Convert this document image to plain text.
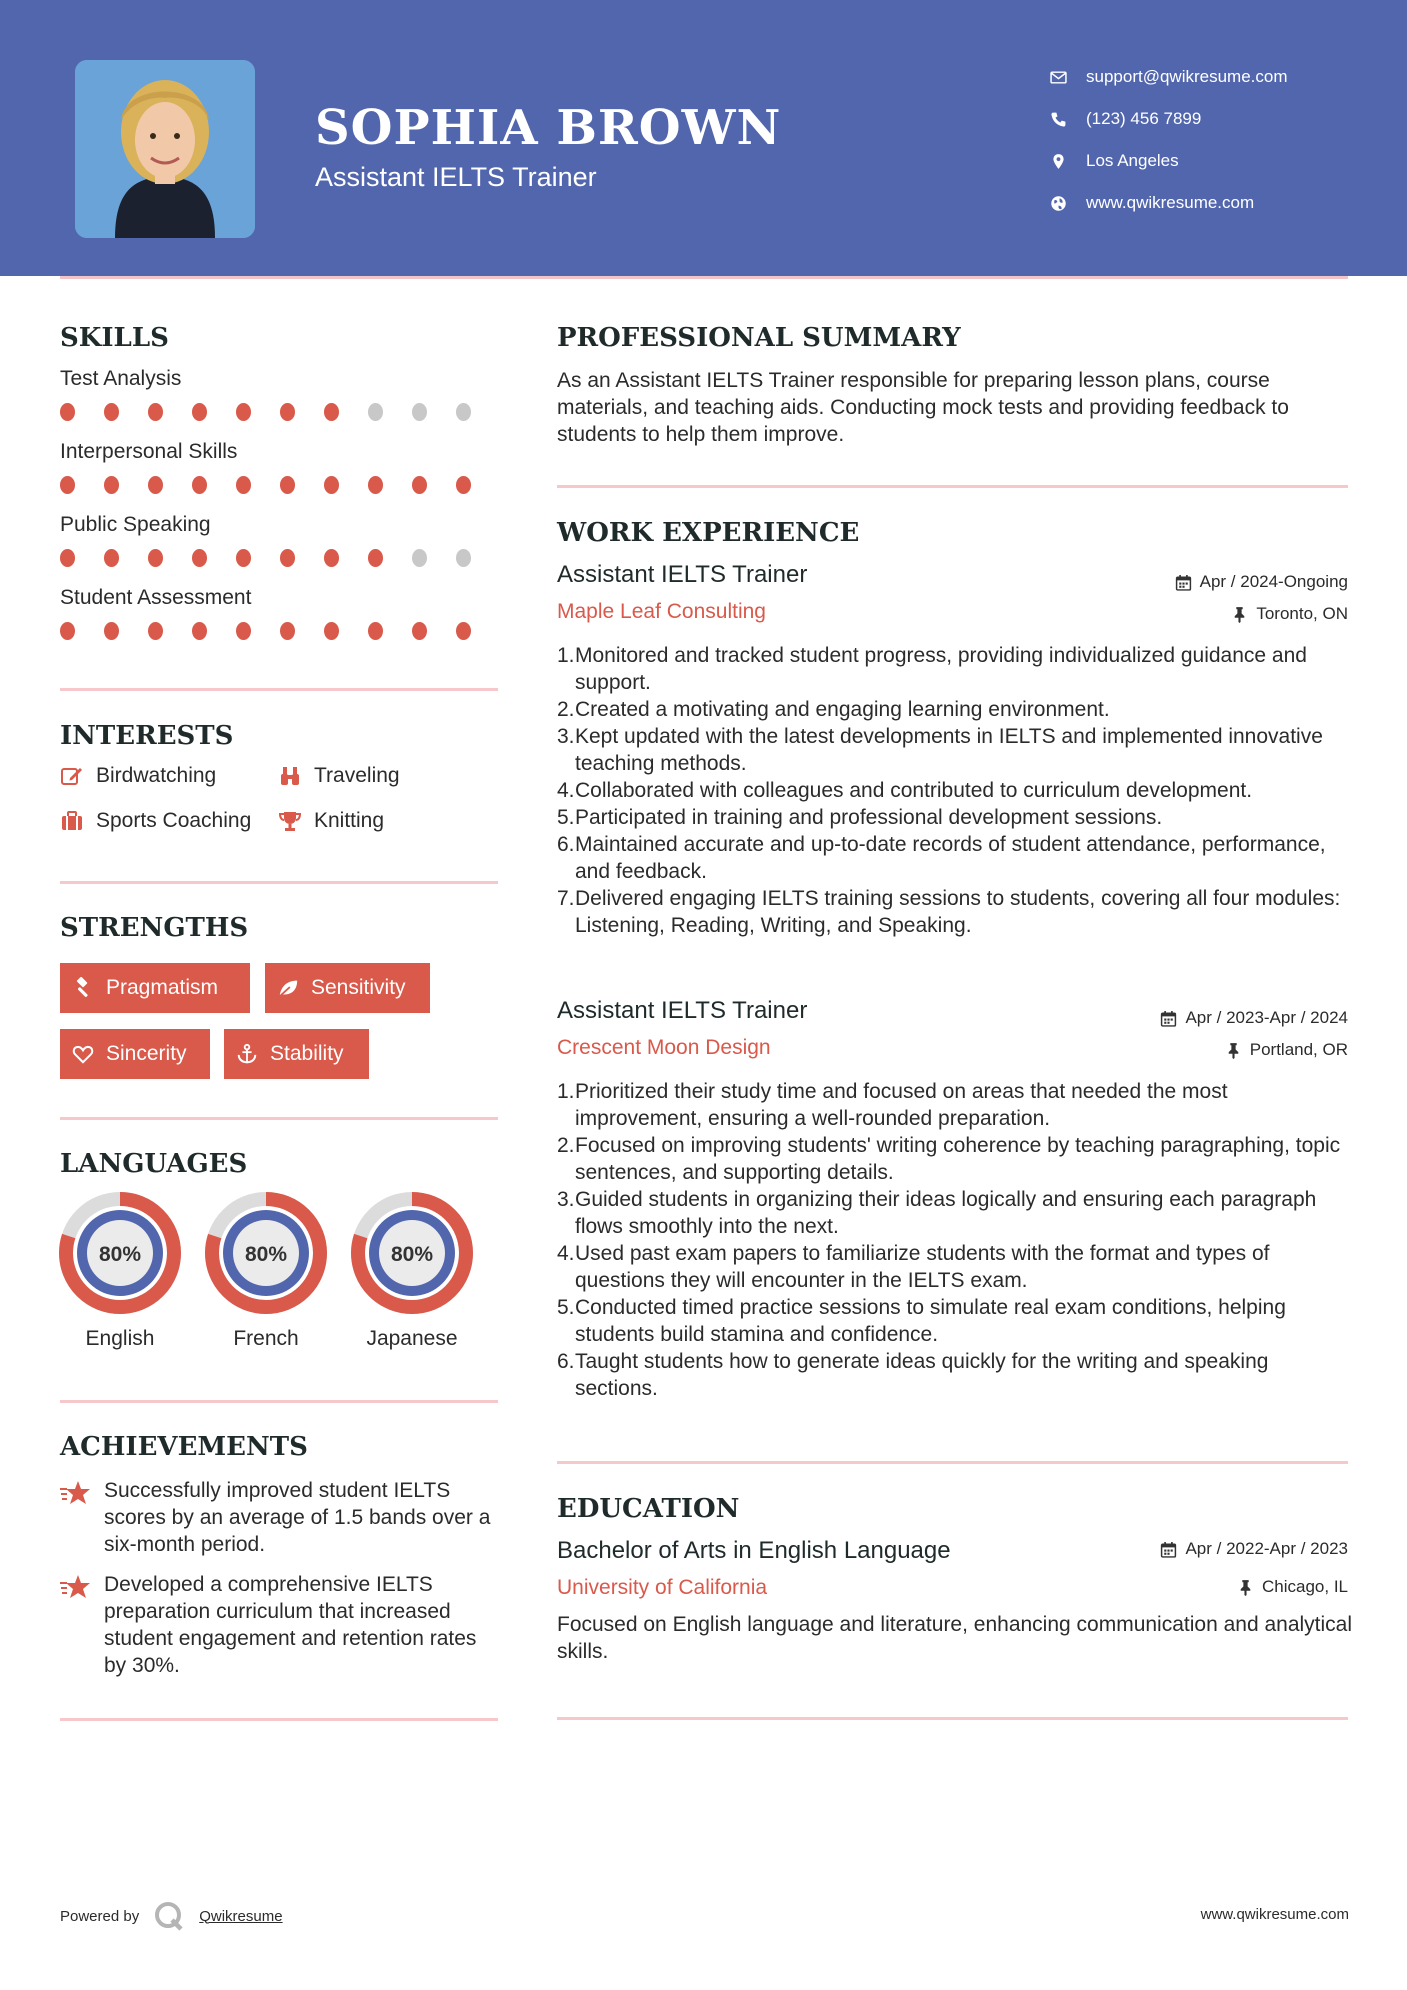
SOPHIA BROWN
Assistant IELTS Trainer
support@qwikresume.com
(123) 456 7899
Los Angeles
www.qwikresume.com
SKILLS
Test Analysis
Interpersonal Skills
Public Speaking
Student Assessment
INTERESTS
Birdwatching	Traveling
Sports Coaching	Knitting
STRENGTHS
Pragmatism	Sensitivity
Sincerity	Stability
LANGUAGES
80%
English
80%
French
80%
Japanese
ACHIEVEMENTS
Successfully improved student IELTS scores by an average of 1.5 bands over a six-month period.
Developed a comprehensive IELTS preparation curriculum that increased student engagement and retention rates by 30%.
PROFESSIONAL SUMMARY
As an Assistant IELTS Trainer responsible for preparing lesson plans, course materials, and teaching aids. Conducting mock tests and providing feedback to students to help them improve.
WORK EXPERIENCE
Assistant IELTS Trainer
Maple Leaf Consulting
Apr / 2024-Ongoing
Toronto, ON
1. Monitored and tracked student progress, providing individualized guidance and support.
2. Created a motivating and engaging learning environment.
3. Kept updated with the latest developments in IELTS and implemented innovative teaching methods.
4. Collaborated with colleagues and contributed to curriculum development.
5. Participated in training and professional development sessions.
6. Maintained accurate and up-to-date records of student attendance, performance, and feedback.
7. Delivered engaging IELTS training sessions to students, covering all four modules: Listening, Reading, Writing, and Speaking.
Assistant IELTS Trainer
Crescent Moon Design
Apr / 2023-Apr / 2024
Portland, OR
1. Prioritized their study time and focused on areas that needed the most improvement, ensuring a well-rounded preparation.
2. Focused on improving students' writing coherence by teaching paragraphing, topic sentences, and supporting details.
3. Guided students in organizing their ideas logically and ensuring each paragraph flows smoothly into the next.
4. Used past exam papers to familiarize students with the format and types of questions they will encounter in the IELTS exam.
5. Conducted timed practice sessions to simulate real exam conditions, helping students build stamina and confidence.
6. Taught students how to generate ideas quickly for the writing and speaking sections.
EDUCATION
Bachelor of Arts in English Language
University of California
Apr / 2022-Apr / 2023
Chicago, IL
Focused on English language and literature, enhancing communication and analytical skills.
Powered by	Qwikresume	www.qwikresume.com
